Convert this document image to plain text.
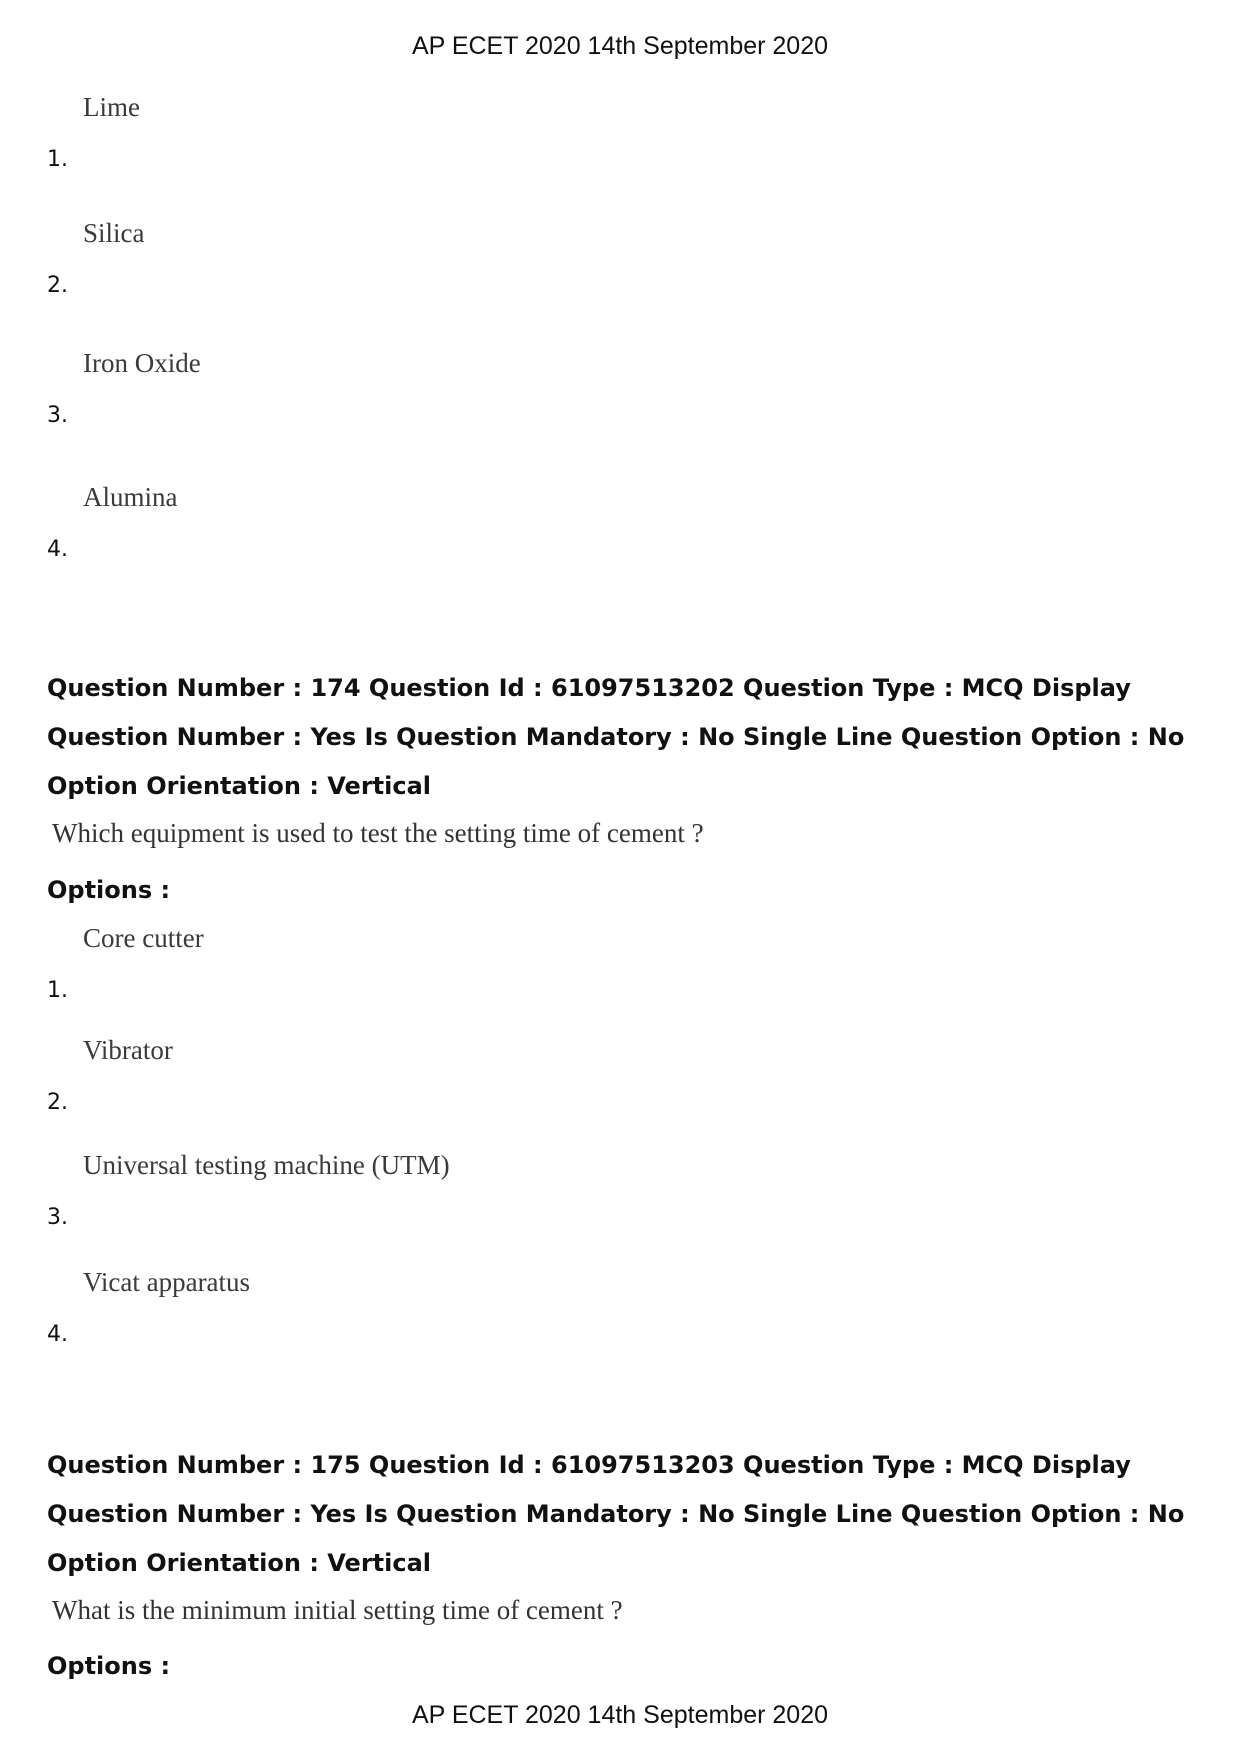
AP ECET 2020 14th September 2020
1.
Lime
2.
Silica
3.
Iron Oxide
4.
Alumina
Question Number : 174 Question Id : 61097513202 Question Type : MCQ Display Question Number : Yes Is Question Mandatory : No Single Line Question Option : No Option Orientation : Vertical
Which equipment is used to test the setting time of cement ?
Options :
1.
Core cutter
2.
Vibrator
3.
Universal testing machine (UTM)
4.
Vicat apparatus
Question Number : 175 Question Id : 61097513203 Question Type : MCQ Display Question Number : Yes Is Question Mandatory : No Single Line Question Option : No Option Orientation : Vertical
What is the minimum initial setting time of cement ?
Options :
AP ECET 2020 14th September 2020
